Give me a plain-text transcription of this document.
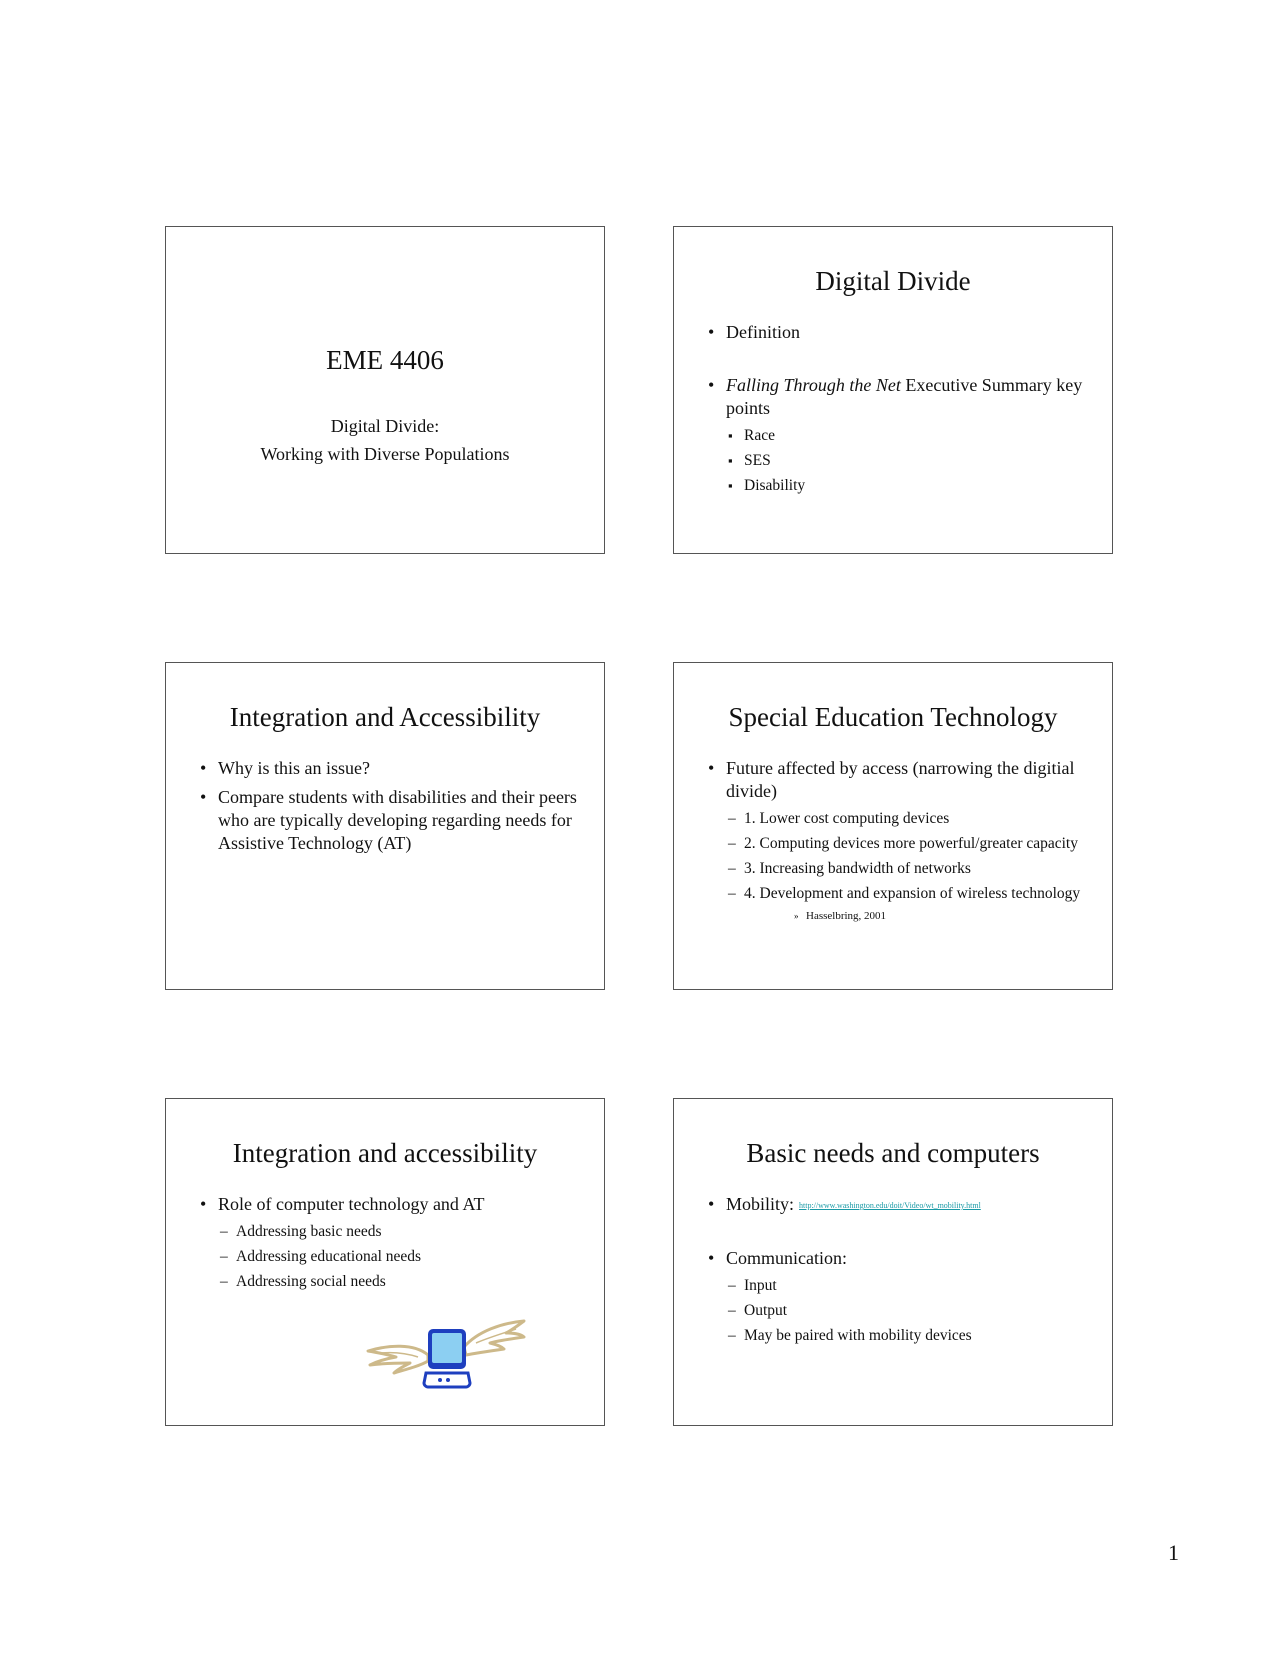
EME 4406
Digital Divide:
Working with Diverse Populations
Digital Divide
• Definition
• Falling Through the Net Executive Summary key points
▪ Race
▪ SES
▪ Disability
Integration and Accessibility
• Why is this an issue?
• Compare students with disabilities and their peers who are typically developing regarding needs for Assistive Technology (AT)
Special Education Technology
• Future affected by access (narrowing the digitial divide)
– 1. Lower cost computing devices
– 2. Computing devices more powerful/greater capacity
– 3. Increasing bandwidth of networks
– 4. Development and expansion of wireless technology
» Hasselbring, 2001
Integration and accessibility
• Role of computer technology and AT
– Addressing basic needs
– Addressing educational needs
– Addressing social needs
Basic needs and computers
• Mobility: http://www.washington.edu/doit/Video/wt_mobility.html
• Communication:
– Input
– Output
– May be paired with mobility devices
1
